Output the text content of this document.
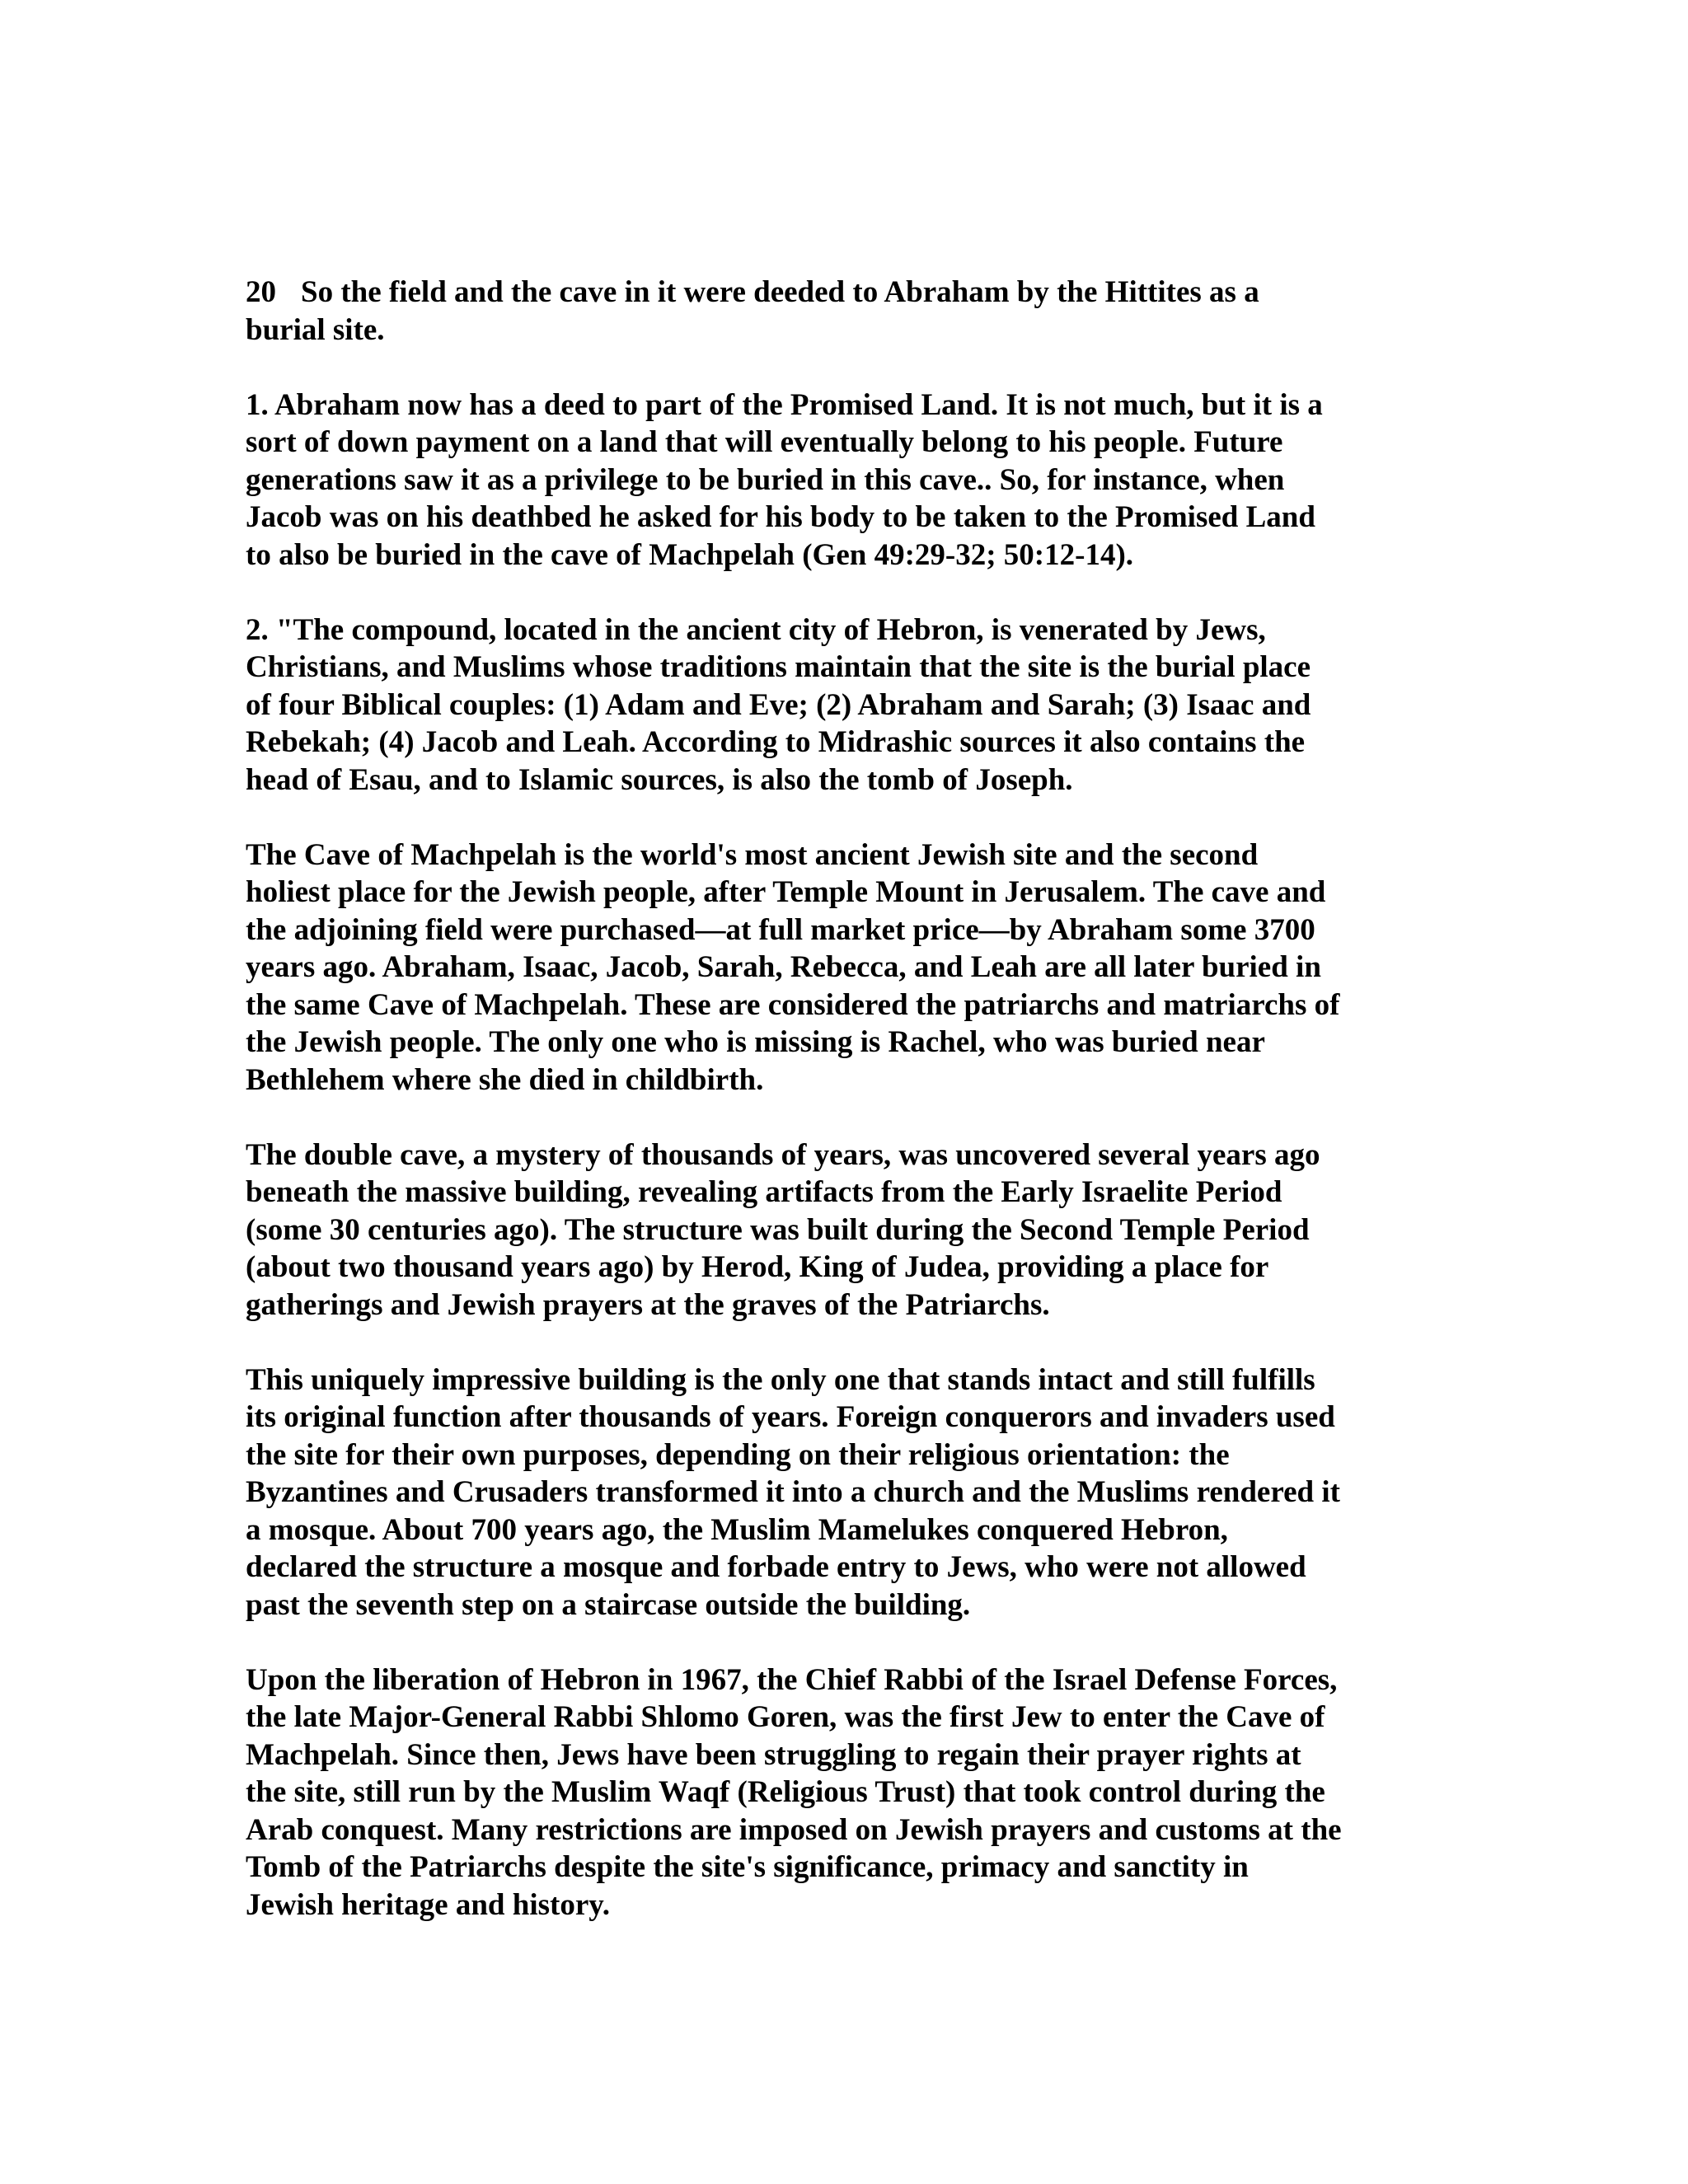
20 So the field and the cave in it were deeded to Abraham by the Hittites as a
burial site.
1. Abraham now has a deed to part of the Promised Land. It is not much, but it is a
sort of down payment on a land that will eventually belong to his people. Future
generations saw it as a privilege to be buried in this cave.. So, for instance, when
Jacob was on his deathbed he asked for his body to be taken to the Promised Land
to also be buried in the cave of Machpelah (Gen 49:29-32; 50:12-14).
2. "The compound, located in the ancient city of Hebron, is venerated by Jews,
Christians, and Muslims whose traditions maintain that the site is the burial place
of four Biblical couples: (1) Adam and Eve; (2) Abraham and Sarah; (3) Isaac and
Rebekah; (4) Jacob and Leah. According to Midrashic sources it also contains the
head of Esau, and to Islamic sources, is also the tomb of Joseph.
The Cave of Machpelah is the world's most ancient Jewish site and the second
holiest place for the Jewish people, after Temple Mount in Jerusalem. The cave and
the adjoining field were purchased—at full market price—by Abraham some 3700
years ago. Abraham, Isaac, Jacob, Sarah, Rebecca, and Leah are all later buried in
the same Cave of Machpelah. These are considered the patriarchs and matriarchs of
the Jewish people. The only one who is missing is Rachel, who was buried near
Bethlehem where she died in childbirth.
The double cave, a mystery of thousands of years, was uncovered several years ago
beneath the massive building, revealing artifacts from the Early Israelite Period
(some 30 centuries ago). The structure was built during the Second Temple Period
(about two thousand years ago) by Herod, King of Judea, providing a place for
gatherings and Jewish prayers at the graves of the Patriarchs.
This uniquely impressive building is the only one that stands intact and still fulfills
its original function after thousands of years. Foreign conquerors and invaders used
the site for their own purposes, depending on their religious orientation: the
Byzantines and Crusaders transformed it into a church and the Muslims rendered it
a mosque. About 700 years ago, the Muslim Mamelukes conquered Hebron,
declared the structure a mosque and forbade entry to Jews, who were not allowed
past the seventh step on a staircase outside the building.
Upon the liberation of Hebron in 1967, the Chief Rabbi of the Israel Defense Forces,
the late Major-General Rabbi Shlomo Goren, was the first Jew to enter the Cave of
Machpelah. Since then, Jews have been struggling to regain their prayer rights at
the site, still run by the Muslim Waqf (Religious Trust) that took control during the
Arab conquest. Many restrictions are imposed on Jewish prayers and customs at the
Tomb of the Patriarchs despite the site's significance, primacy and sanctity in
Jewish heritage and history.
